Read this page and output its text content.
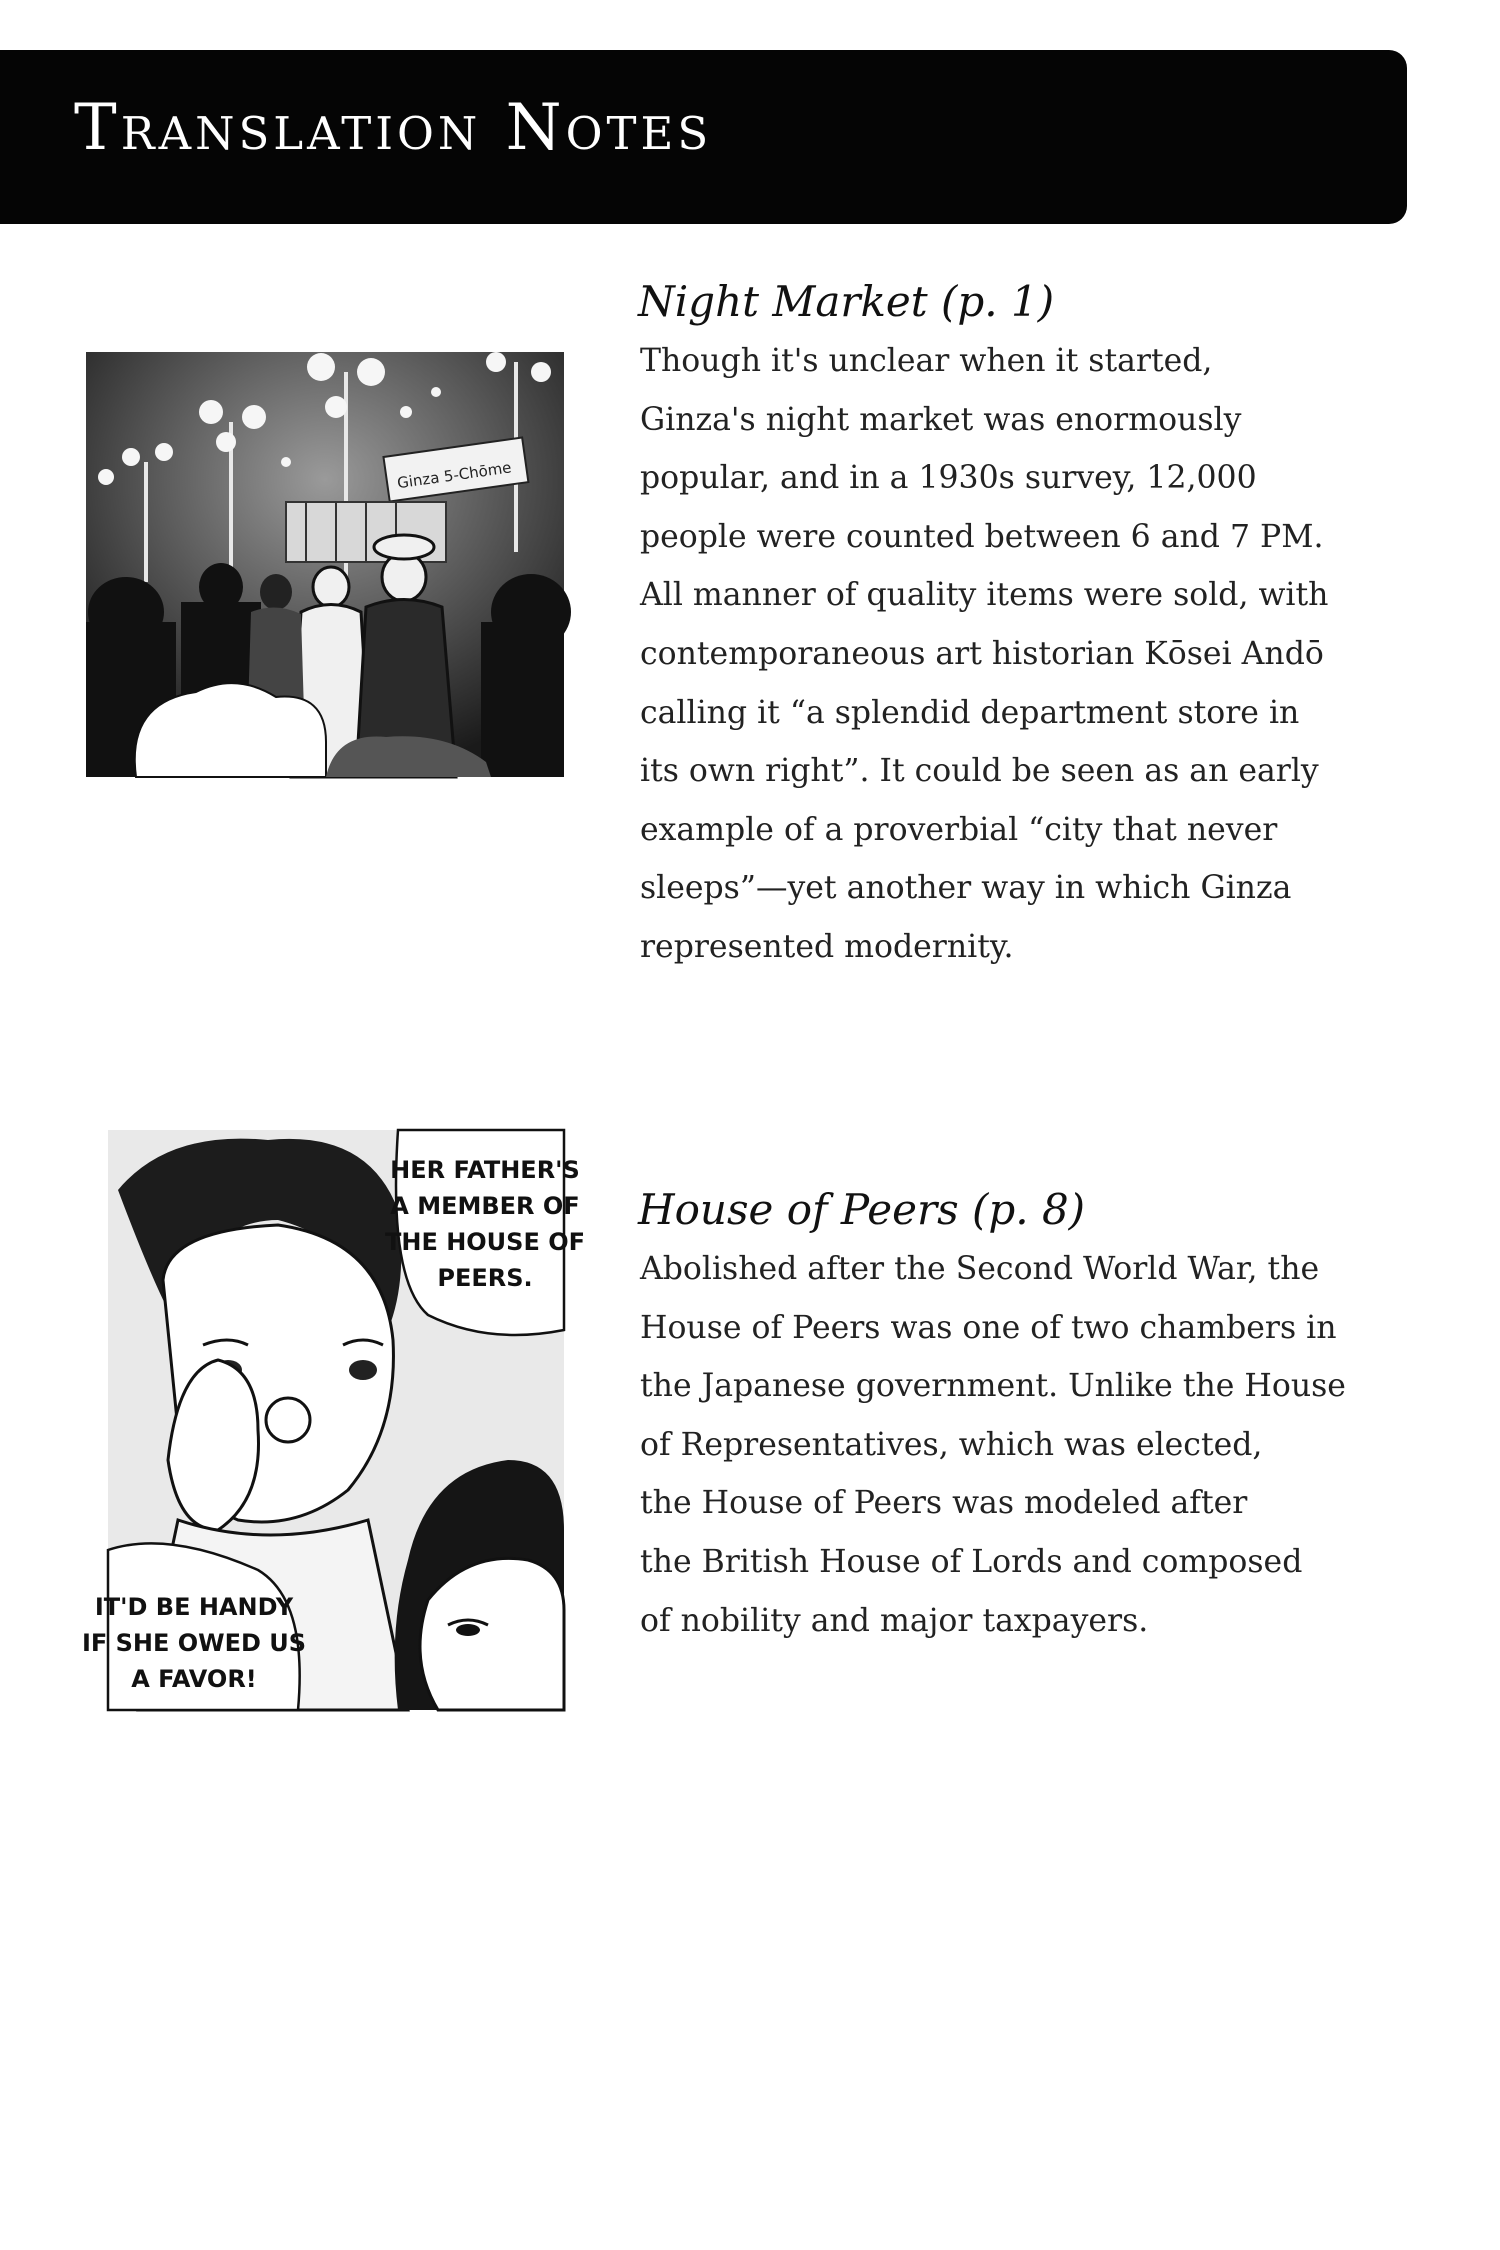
Translation Notes
Ginza 5-Chōme
Night Market (p. 1)
Though it's unclear when it started,
Ginza's night market was enormously
popular, and in a 1930s survey, 12,000
people were counted between 6 and 7 PM.
All manner of quality items were sold, with
contemporaneous art historian Kōsei Andō
calling it “a splendid department store in
its own right”. It could be seen as an early
example of a proverbial “city that never
sleeps”—yet another way in which Ginza
represented modernity.
HER FATHER'S
A MEMBER OF
THE HOUSE OF
PEERS.
IT'D BE HANDY
IF SHE OWED US
A FAVOR!
House of Peers (p. 8)
Abolished after the Second World War, the
House of Peers was one of two chambers in
the Japanese government. Unlike the House
of Representatives, which was elected,
the House of Peers was modeled after
the British House of Lords and composed
of nobility and major taxpayers.
